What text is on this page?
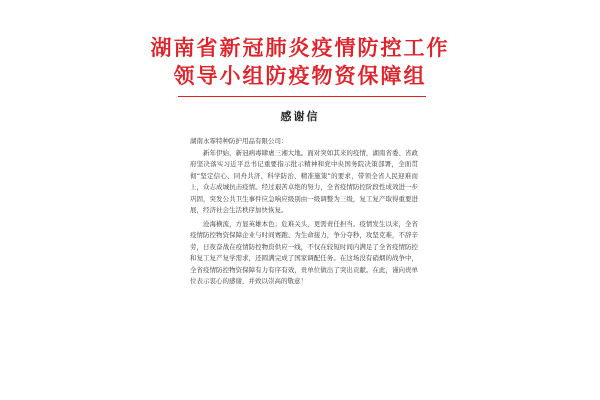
湖南省新冠肺炎疫情防控工作
领导小组防疫物资保障组
感谢信

湖南永霏特种防护用品有限公司：

新年伊始，新冠病毒肆虐三湘大地。面对突如其来的疫情，湖南省委、省政府坚决落实习近平总书记重要指示批示精神和党中央国务院决策部署，全面贯彻“坚定信心、同舟共济、科学防治、精准施策”的要求，带领全省人民迎难而上，众志成城抗击疫情。经过艰苦卓绝的努力，全省疫情防控阶段性成效进一步巩固，突发公共卫生事件应急响应级别由一级调整为三级，复工复产取得重要进展，经济社会生活秩序加快恢复。

沧海横流，方显英雄本色；危难关头，更需责任担当。疫情发生以来，全省疫情防控物资保障企业与时间赛跑、为生命接力，争分夺秒，攻坚克难，不辞辛劳，日夜奋战在疫情防控物资供应一线，不仅在较短时间内满足了全省疫情防控和复工复产复学需求，还圆满完成了国家调配任务。在这场没有硝烟的战争中，全省疫情防控物资保障有力有序有效，贵单位做出了突出贡献。在此，谨向贵单位表示衷心的感谢，并致以崇高的敬意！
